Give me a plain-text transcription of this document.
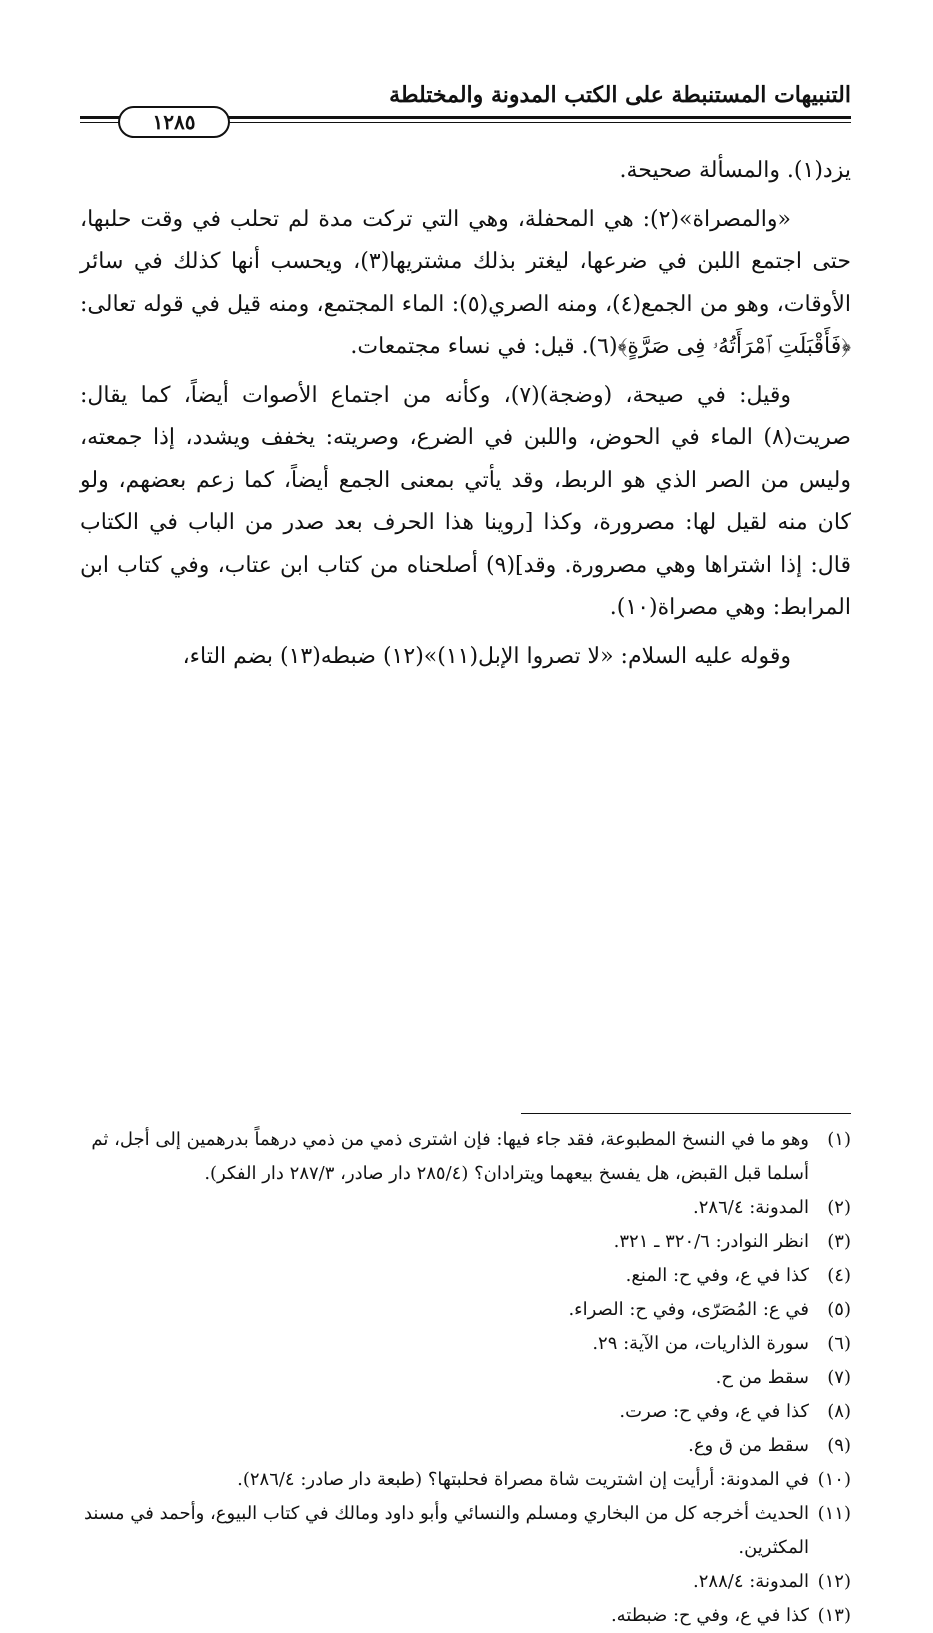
التنبيهات المستنبطة على الكتب المدونة والمختلطة
١٢٨٥

يزد(١). والمسألة صحيحة.

«والمصراة»(٢): هي المحفلة، وهي التي تركت مدة لم تحلب في وقت حلبها، حتى اجتمع اللبن في ضرعها، ليغتر بذلك مشتريها(٣)، ويحسب أنها كذلك في سائر الأوقات، وهو من الجمع(٤)، ومنه الصري(٥): الماء المجتمع، ومنه قيل في قوله تعالى: ﴿فَأَقْبَلَتِ ٱمْرَأَتُهُۥ فِى صَرَّةٍ﴾(٦). قيل: في نساء مجتمعات.

وقيل: في صيحة، (وضجة)(٧)، وكأنه من اجتماع الأصوات أيضاً، كما يقال: صريت(٨) الماء في الحوض، واللبن في الضرع، وصريته: يخفف ويشدد، إذا جمعته، وليس من الصر الذي هو الربط، وقد يأتي بمعنى الجمع أيضاً، كما زعم بعضهم، ولو كان منه لقيل لها: مصرورة، وكذا [روينا هذا الحرف بعد صدر من الباب في الكتاب قال: إذا اشتراها وهي مصرورة. وقد](٩) أصلحناه من كتاب ابن عتاب، وفي كتاب ابن المرابط: وهي مصراة(١٠).

وقوله عليه السلام: «لا تصروا الإبل(١١)»(١٢) ضبطه(١٣) بضم التاء،

(١)
وهو ما في النسخ المطبوعة، فقد جاء فيها: فإن اشترى ذمي من ذمي درهماً بدرهمين إلى أجل، ثم أسلما قبل القبض، هل يفسخ بيعهما ويترادان؟ (٢٨٥/٤ دار صادر، ٢٨٧/٣ دار الفكر).
(٢)
المدونة: ٢٨٦/٤.
(٣)
انظر النوادر: ٣٢٠/٦ ـ ٣٢١.
(٤)
كذا في ع، وفي ح: المنع.
(٥)
في ع: المُصَرّى، وفي ح: الصراء.
(٦)
سورة الذاريات، من الآية: ٢٩.
(٧)
سقط من ح.
(٨)
كذا في ع، وفي ح: صرت.
(٩)
سقط من ق وع.
(١٠)
في المدونة: أرأيت إن اشتريت شاة مصراة فحلبتها؟ (طبعة دار صادر: ٢٨٦/٤).
(١١)
الحديث أخرجه كل من البخاري ومسلم والنسائي وأبو داود ومالك في كتاب البيوع، وأحمد في مسند المكثرين.
(١٢)
المدونة: ٢٨٨/٤.
(١٣)
كذا في ع، وفي ح: ضبطته.
